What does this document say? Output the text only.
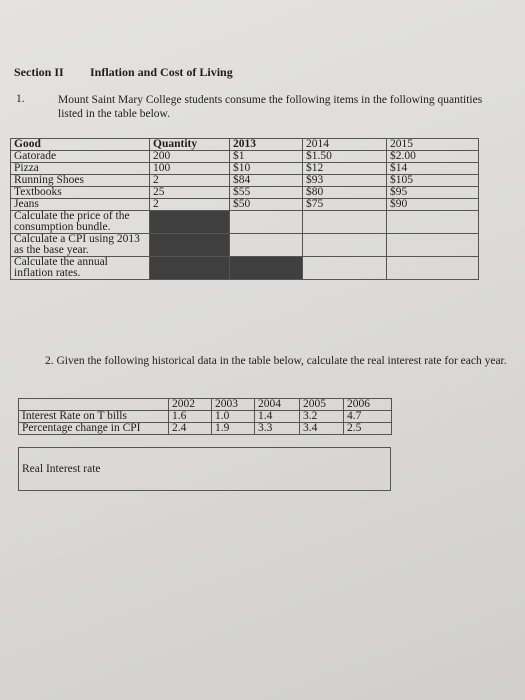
Section II Inflation and Cost of Living
1.	Mount Saint Mary College students consume the following items in the following quantities listed in the table below.
Good	Quantity	2013	2014	2015
Gatorade	200	$1	$1.50	$2.00
Pizza	100	$10	$12	$14
Running Shoes	2	$84	$93	$105
Textbooks	25	$55	$80	$95
Jeans	2	$50	$75	$90
Calculate the price of the consumption bundle.				
Calculate a CPI using 2013 as the base year.				
Calculate the annual inflation rates.				
2. Given the following historical data in the table below, calculate the real interest rate for each year.
	2002	2003	2004	2005	2006
Interest Rate on T bills	1.6	1.0	1.4	3.2	4.7
Percentage change in CPI	2.4	1.9	3.3	3.4	2.5
Real Interest rate
